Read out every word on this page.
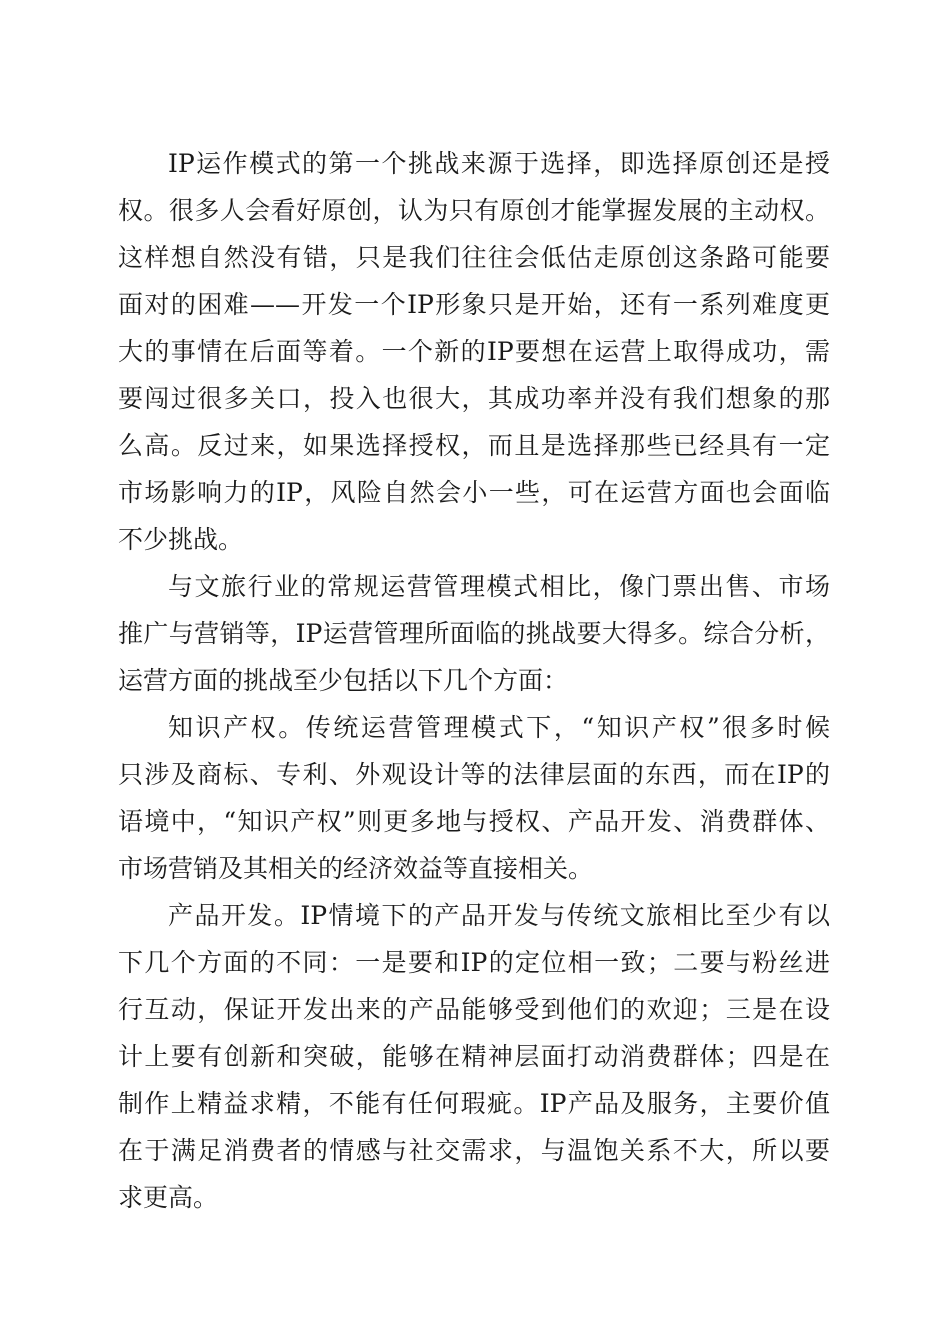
IP运作模式的第一个挑战来源于选择，即选择原创还是授
权。很多人会看好原创，认为只有原创才能掌握发展的主动权。
这样想自然没有错，只是我们往往会低估走原创这条路可能要
面对的困难——开发一个IP形象只是开始，还有一系列难度更
大的事情在后面等着。一个新的IP要想在运营上取得成功，需
要闯过很多关口，投入也很大，其成功率并没有我们想象的那
么高。反过来，如果选择授权，而且是选择那些已经具有一定
市场影响力的IP，风险自然会小一些，可在运营方面也会面临
不少挑战。
与文旅行业的常规运营管理模式相比，像门票出售、市场
推广与营销等，IP运营管理所面临的挑战要大得多。综合分析，
运营方面的挑战至少包括以下几个方面：
知识产权。传统运营管理模式下，“知识产权”很多时候
只涉及商标、专利、外观设计等的法律层面的东西，而在IP的
语境中，“知识产权”则更多地与授权、产品开发、消费群体、
市场营销及其相关的经济效益等直接相关。
产品开发。IP情境下的产品开发与传统文旅相比至少有以
下几个方面的不同：一是要和IP的定位相一致；二要与粉丝进
行互动，保证开发出来的产品能够受到他们的欢迎；三是在设
计上要有创新和突破，能够在精神层面打动消费群体；四是在
制作上精益求精，不能有任何瑕疵。IP产品及服务，主要价值
在于满足消费者的情感与社交需求，与温饱关系不大，所以要
求更高。
